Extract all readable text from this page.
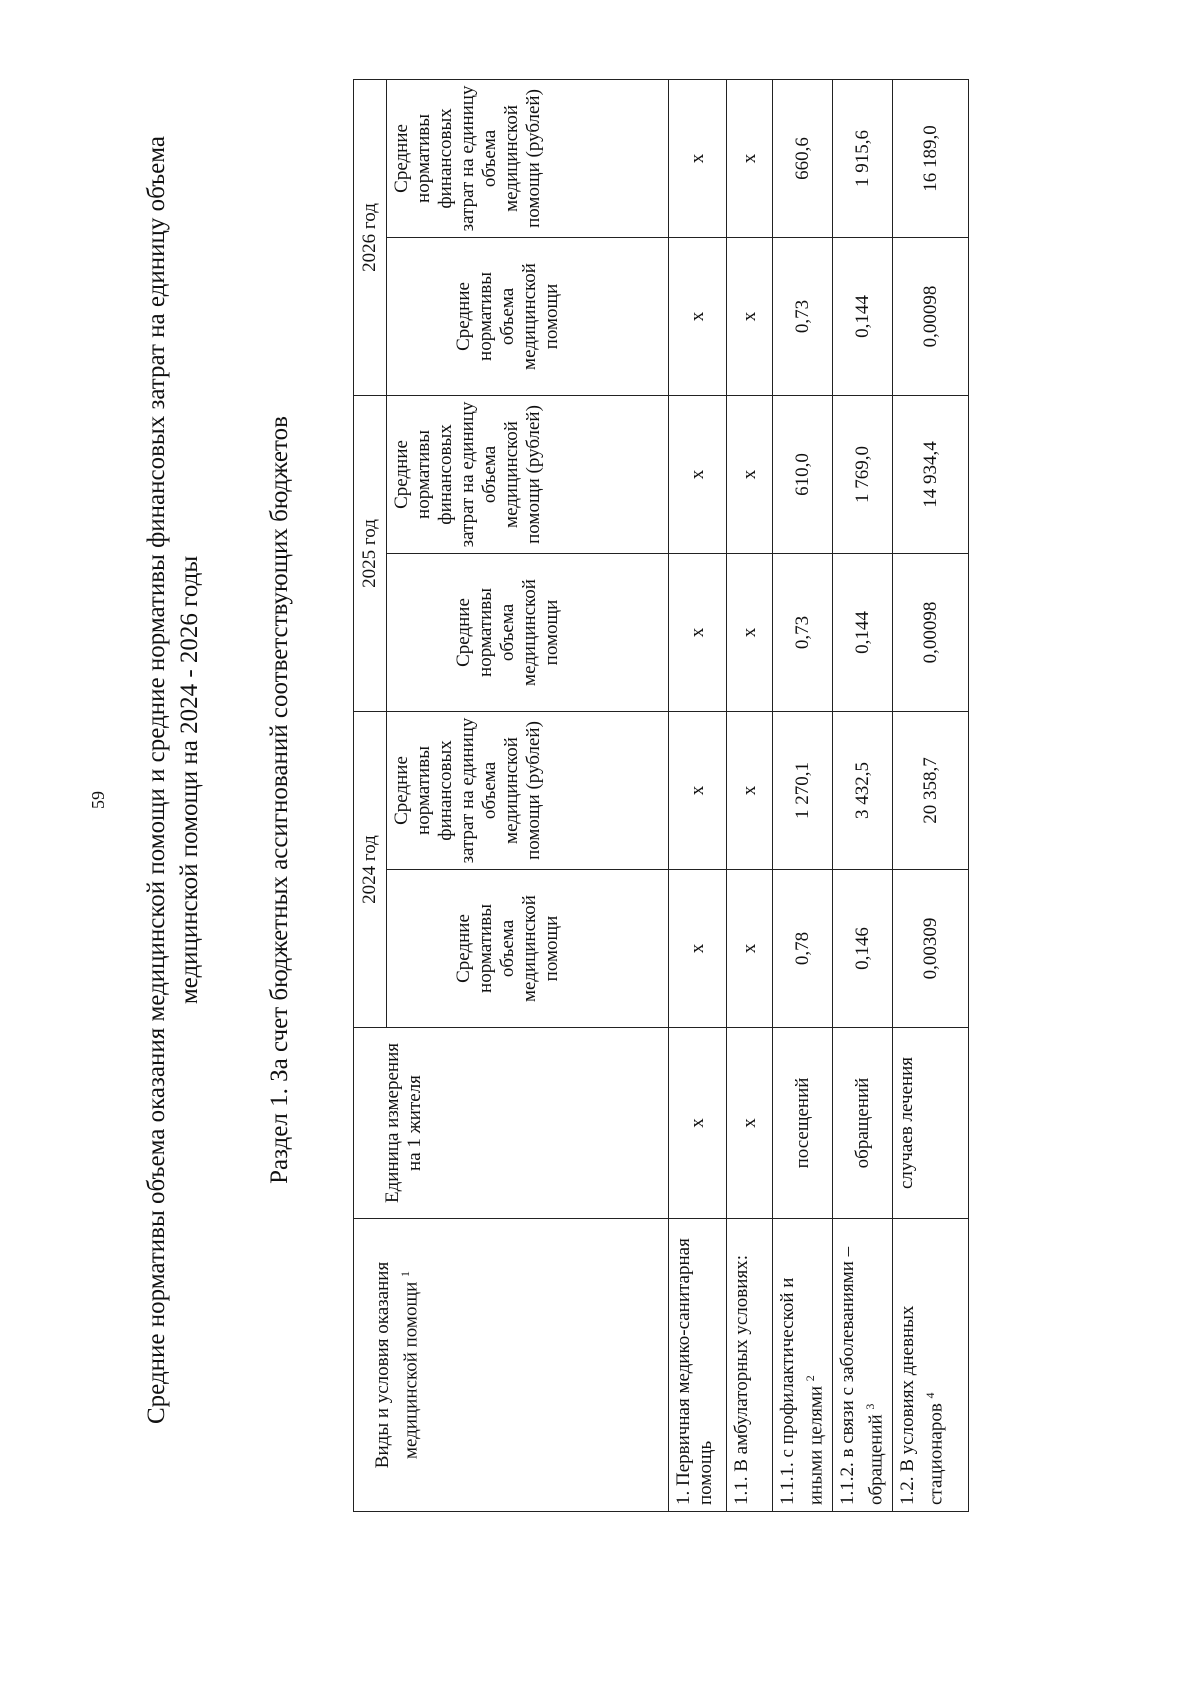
59 Средние нормативы объема оказания медицинской помощи и средние нормативы финансовых затрат на единицу объема медицинской помощи на 2024 - 2026 годы	Раздел 1. За счет бюджетных ассигнований соответствующих бюджетов
Виды и условия оказания медицинской помощи $^1$	Единица измерения на 1 жителя	2024 год		2025 год		2026 год	
		Средние нормативы объема медицинской помощи	Средние нормативы финансовых затрат на единицу объема медицинской помощи (рублей)	Средние нормативы объема медицинской помощи	Средние нормативы финансовых затрат на единицу объема медицинской помощи (рублей)	Средние нормативы объема медицинской помощи	Средние нормативы финансовых затрат на единицу объема медицинской помощи (рублей)
1. Первичная медико-санитарная помощь	х	х	х	х	х	х	х
1.1. В амбулаторных условиях:	х	х	х	х	х	х	х
1.1.1. с профилактической и иными целями $^2$	посещений	0,78	1 270,1	0,73	610,0	0,73	660,6
1.1.2. в связи с заболеваниями – обращений $^3$	обращений	0,146	3 432,5	0,144	1 769,0	0,144	1 915,6
1.2. В условиях дневных стационаров $^4$	случаев лечения	0,00309	20 358,7	0,00098	14 934,4	0,00098	16 189,0
